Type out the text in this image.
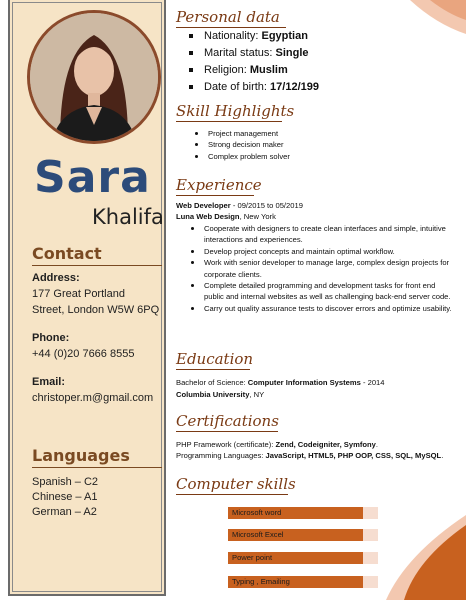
Sara
Khalifa
Contact
Address:
177 Great Portland
Street, London W5W 6PQ
Phone:
+44 (0)20 7666 8555
Email:
christoper.m@gmail.com
Languages
Spanish – C2
Chinese – A1
German – A2
Personal data
Nationality: Egyptian
Marital status: Single
Religion: Muslim
Date of birth: 17/12/199
Skill Highlights
Project management
Strong decision maker
Complex problem solver
Experience
Web Developer - 09/2015 to 05/2019
Luna Web Design, New York
Cooperate with designers to create clean interfaces and simple, intuitive interactions and experiences.
Develop project concepts and maintain optimal workflow.
Work with senior developer to manage large, complex design projects for corporate clients.
Complete detailed programming and development tasks for front end public and internal websites as well as challenging back-end server code.
Carry out quality assurance tests to discover errors and optimize usability.
Education
Bachelor of Science: Computer Information Systems - 2014
Columbia University, NY
Certifications
PHP Framework (certificate): Zend, Codeigniter, Symfony.
Programming Languages: JavaScript, HTML5, PHP OOP, CSS, SQL, MySQL.
Computer skills
Microsoft word
Microsoft Excel
Power point
Typing , Emailing
